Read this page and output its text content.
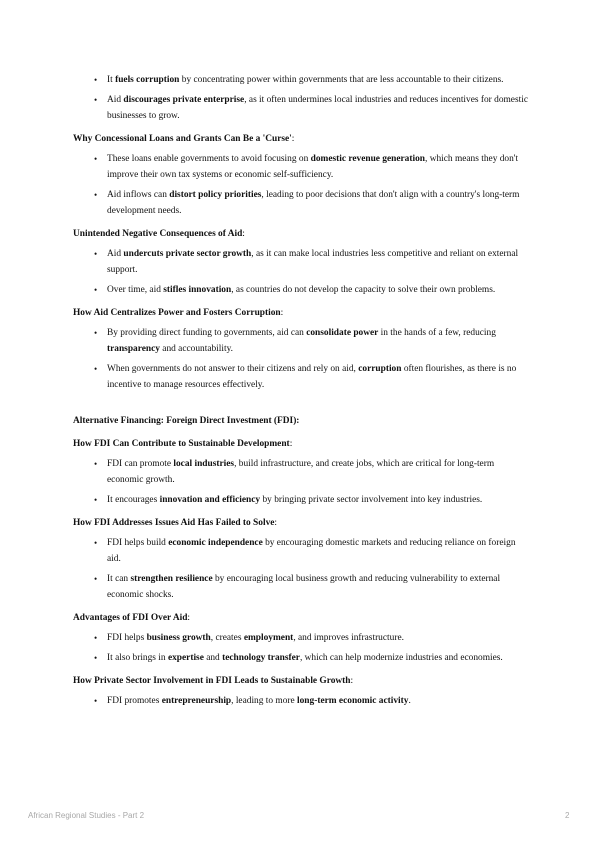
• It fuels corruption by concentrating power within governments that are less accountable to their citizens.
• Aid discourages private enterprise, as it often undermines local industries and reduces incentives for domestic businesses to grow.
Why Concessional Loans and Grants Can Be a 'Curse':
• These loans enable governments to avoid focusing on domestic revenue generation, which means they don't improve their own tax systems or economic self-sufficiency.
• Aid inflows can distort policy priorities, leading to poor decisions that don't align with a country's long-term development needs.
Unintended Negative Consequences of Aid:
• Aid undercuts private sector growth, as it can make local industries less competitive and reliant on external support.
• Over time, aid stifles innovation, as countries do not develop the capacity to solve their own problems.
How Aid Centralizes Power and Fosters Corruption:
• By providing direct funding to governments, aid can consolidate power in the hands of a few, reducing transparency and accountability.
• When governments do not answer to their citizens and rely on aid, corruption often flourishes, as there is no incentive to manage resources effectively.
Alternative Financing: Foreign Direct Investment (FDI):
How FDI Can Contribute to Sustainable Development:
• FDI can promote local industries, build infrastructure, and create jobs, which are critical for long-term economic growth.
• It encourages innovation and efficiency by bringing private sector involvement into key industries.
How FDI Addresses Issues Aid Has Failed to Solve:
• FDI helps build economic independence by encouraging domestic markets and reducing reliance on foreign aid.
• It can strengthen resilience by encouraging local business growth and reducing vulnerability to external economic shocks.
Advantages of FDI Over Aid:
• FDI helps business growth, creates employment, and improves infrastructure.
• It also brings in expertise and technology transfer, which can help modernize industries and economies.
How Private Sector Involvement in FDI Leads to Sustainable Growth:
• FDI promotes entrepreneurship, leading to more long-term economic activity.
African Regional Studies - Part 2	2
